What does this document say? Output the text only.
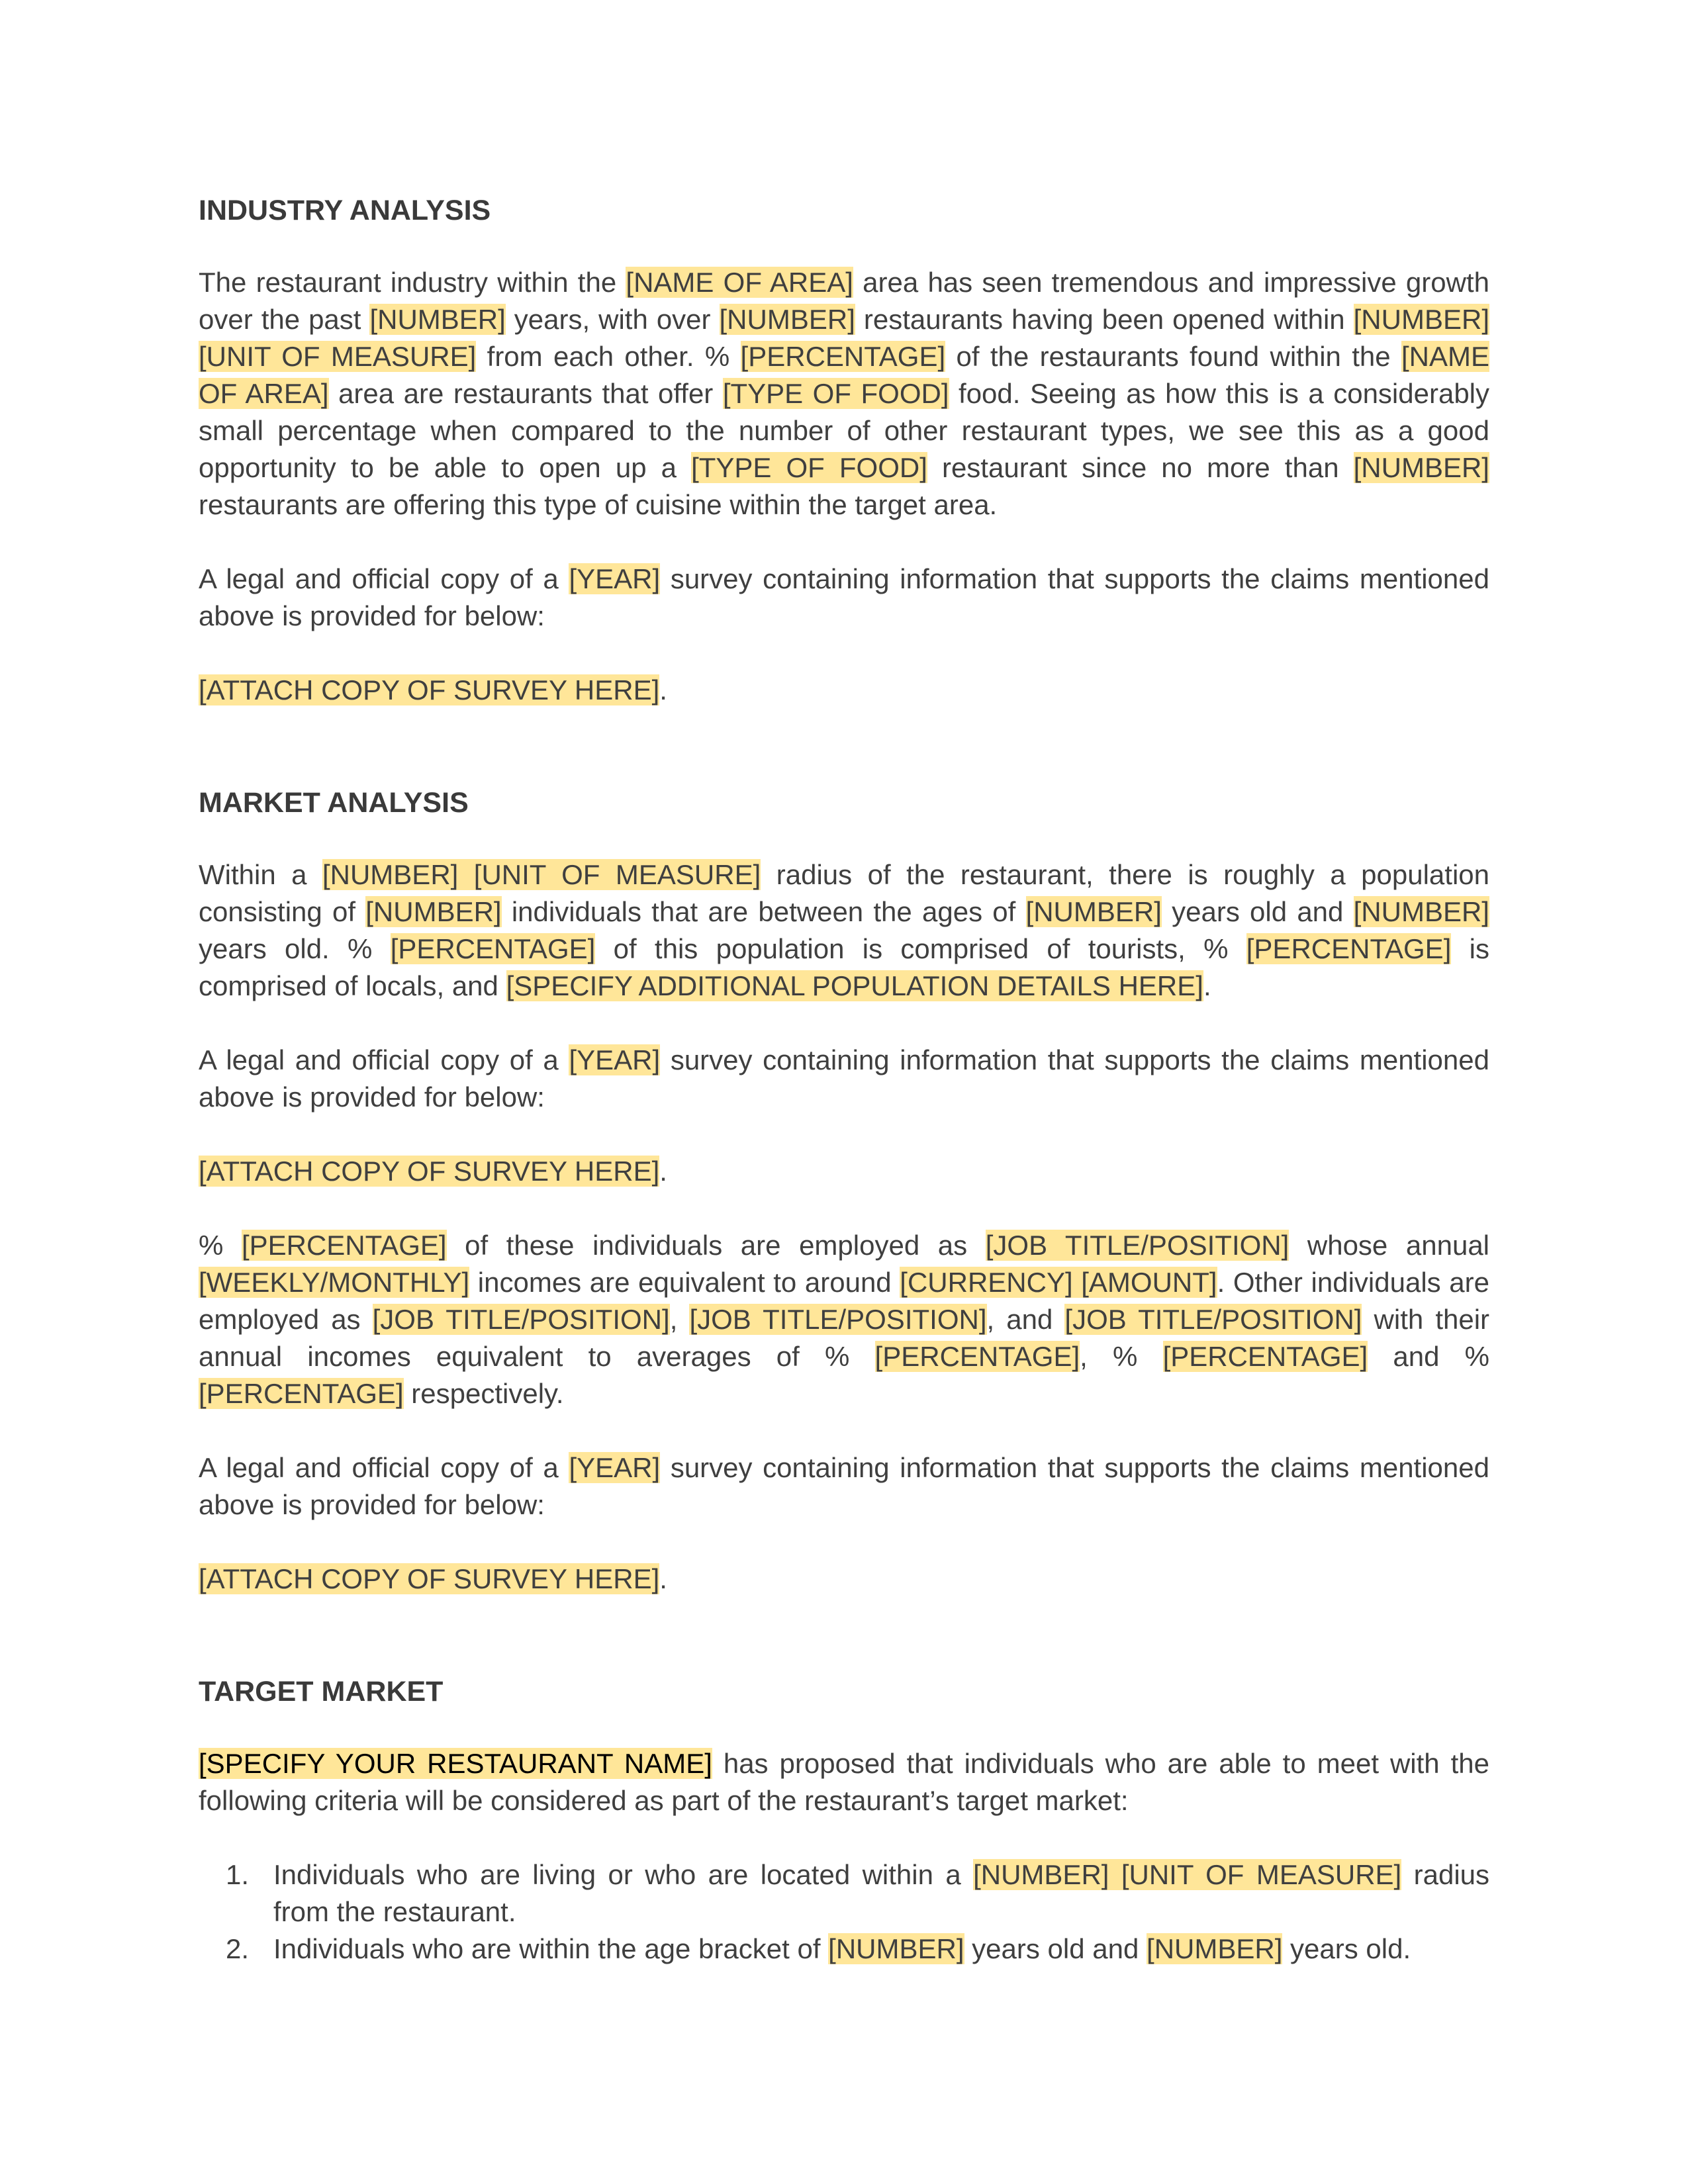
INDUSTRY ANALYSIS
The restaurant industry within the [NAME OF AREA] area has seen tremendous and impressive growth over the past [NUMBER] years, with over [NUMBER] restaurants having been opened within [NUMBER] [UNIT OF MEASURE] from each other. % [PERCENTAGE] of the restaurants found within the [NAME OF AREA] area are restaurants that offer [TYPE OF FOOD] food. Seeing as how this is a considerably small percentage when compared to the number of other restaurant types, we see this as a good opportunity to be able to open up a [TYPE OF FOOD] restaurant since no more than [NUMBER] restaurants are offering this type of cuisine within the target area.
A legal and official copy of a [YEAR] survey containing information that supports the claims mentioned above is provided for below:
[ATTACH COPY OF SURVEY HERE].
MARKET ANALYSIS
Within a [NUMBER] [UNIT OF MEASURE] radius of the restaurant, there is roughly a population consisting of [NUMBER] individuals that are between the ages of [NUMBER] years old and [NUMBER] years old. % [PERCENTAGE] of this population is comprised of tourists, % [PERCENTAGE] is comprised of locals, and [SPECIFY ADDITIONAL POPULATION DETAILS HERE].
A legal and official copy of a [YEAR] survey containing information that supports the claims mentioned above is provided for below:
[ATTACH COPY OF SURVEY HERE].
% [PERCENTAGE] of these individuals are employed as [JOB TITLE/POSITION] whose annual [WEEKLY/MONTHLY] incomes are equivalent to around [CURRENCY] [AMOUNT]. Other individuals are employed as [JOB TITLE/POSITION], [JOB TITLE/POSITION], and [JOB TITLE/POSITION] with their annual incomes equivalent to averages of % [PERCENTAGE], % [PERCENTAGE] and % [PERCENTAGE] respectively.
A legal and official copy of a [YEAR] survey containing information that supports the claims mentioned above is provided for below:
[ATTACH COPY OF SURVEY HERE].
TARGET MARKET
[SPECIFY YOUR RESTAURANT NAME] has proposed that individuals who are able to meet with the following criteria will be considered as part of the restaurant’s target market:
1. Individuals who are living or who are located within a [NUMBER] [UNIT OF MEASURE] radius from the restaurant.
2. Individuals who are within the age bracket of [NUMBER] years old and [NUMBER] years old.
